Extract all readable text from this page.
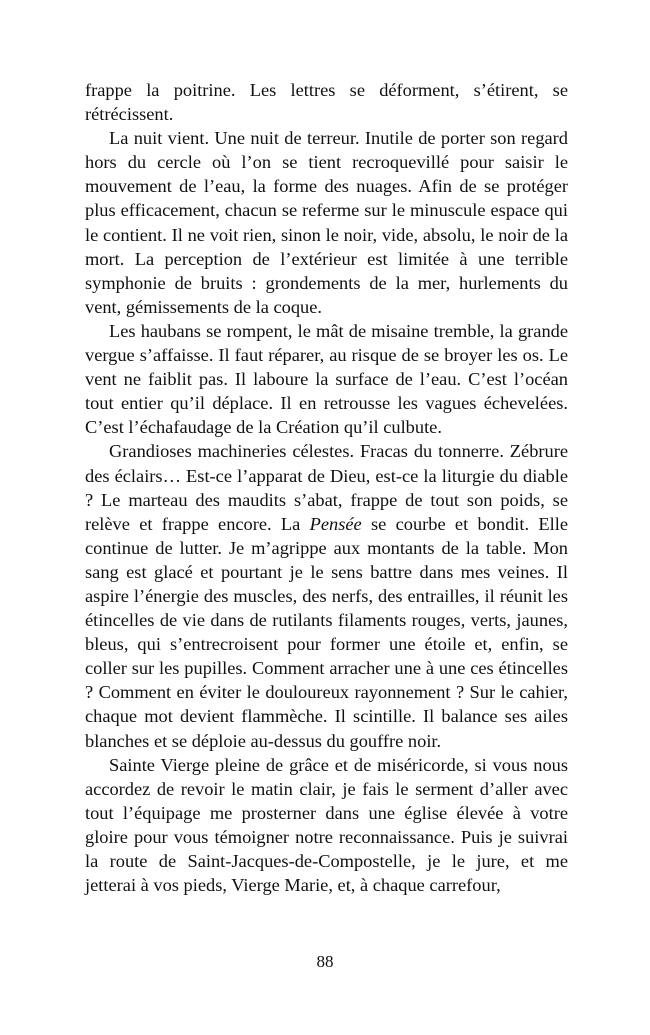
frappe la poitrine. Les lettres se déforment, s’étirent, se rétrécissent.

La nuit vient. Une nuit de terreur. Inutile de porter son regard hors du cercle où l’on se tient recroquevillé pour saisir le mouvement de l’eau, la forme des nuages. Afin de se protéger plus efficacement, chacun se referme sur le minuscule espace qui le contient. Il ne voit rien, sinon le noir, vide, absolu, le noir de la mort. La perception de l’extérieur est limitée à une terrible symphonie de bruits : grondements de la mer, hurlements du vent, gémissements de la coque.

Les haubans se rompent, le mât de misaine tremble, la grande vergue s’affaisse. Il faut réparer, au risque de se broyer les os. Le vent ne faiblit pas. Il laboure la surface de l’eau. C’est l’océan tout entier qu’il déplace. Il en retrousse les vagues échevelées. C’est l’échafaudage de la Création qu’il culbute.

Grandioses machineries célestes. Fracas du tonnerre. Zébrure des éclairs… Est-ce l’apparat de Dieu, est-ce la liturgie du diable ? Le marteau des maudits s’abat, frappe de tout son poids, se relève et frappe encore. La Pensée se courbe et bondit. Elle continue de lutter. Je m’agrippe aux montants de la table. Mon sang est glacé et pourtant je le sens battre dans mes veines. Il aspire l’énergie des muscles, des nerfs, des entrailles, il réunit les étincelles de vie dans de rutilants filaments rouges, verts, jaunes, bleus, qui s’entrecroisent pour former une étoile et, enfin, se coller sur les pupilles. Comment arracher une à une ces étincelles ? Comment en éviter le douloureux rayonnement ? Sur le cahier, chaque mot devient flammèche. Il scintille. Il balance ses ailes blanches et se déploie au-dessus du gouffre noir.

Sainte Vierge pleine de grâce et de miséricorde, si vous nous accordez de revoir le matin clair, je fais le serment d’aller avec tout l’équipage me prosterner dans une église élevée à votre gloire pour vous témoigner notre reconnaissance. Puis je suivrai la route de Saint-Jacques-de-Compostelle, je le jure, et me jetterai à vos pieds, Vierge Marie, et, à chaque carrefour,

88
